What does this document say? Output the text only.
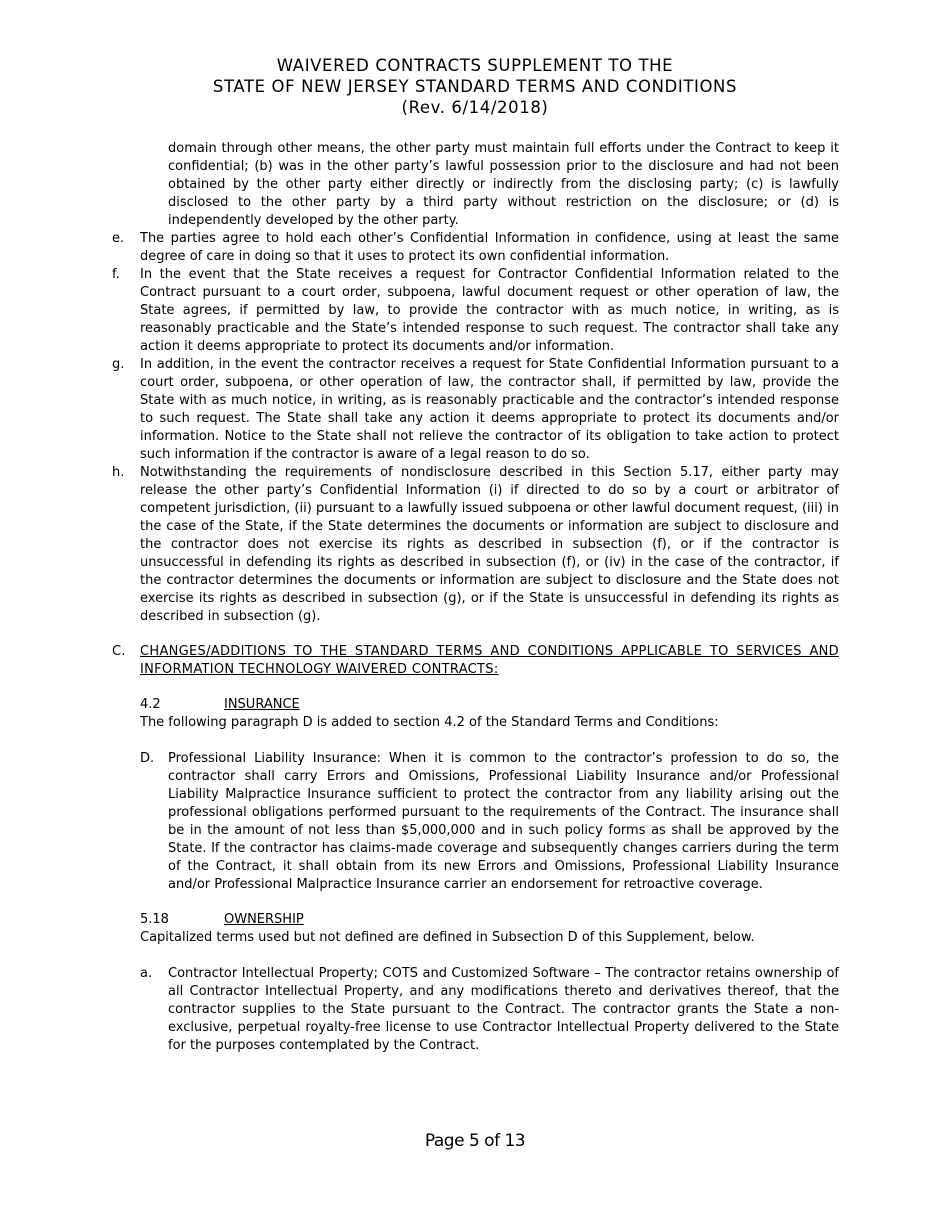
WAIVERED CONTRACTS SUPPLEMENT TO THE
STATE OF NEW JERSEY STANDARD TERMS AND CONDITIONS
(Rev. 6/14/2018)
domain through other means, the other party must maintain full efforts under the Contract to keep it confidential; (b) was in the other party’s lawful possession prior to the disclosure and had not been obtained by the other party either directly or indirectly from the disclosing party; (c) is lawfully disclosed to the other party by a third party without restriction on the disclosure; or (d) is independently developed by the other party.
e.	The parties agree to hold each other’s Confidential Information in confidence, using at least the same degree of care in doing so that it uses to protect its own confidential information.
f.	In the event that the State receives a request for Contractor Confidential Information related to the Contract pursuant to a court order, subpoena, lawful document request or other operation of law, the State agrees, if permitted by law, to provide the contractor with as much notice, in writing, as is reasonably practicable and the State’s intended response to such request. The contractor shall take any action it deems appropriate to protect its documents and/or information.
g.	In addition, in the event the contractor receives a request for State Confidential Information pursuant to a court order, subpoena, or other operation of law, the contractor shall, if permitted by law, provide the State with as much notice, in writing, as is reasonably practicable and the contractor’s intended response to such request. The State shall take any action it deems appropriate to protect its documents and/or information. Notice to the State shall not relieve the contractor of its obligation to take action to protect such information if the contractor is aware of a legal reason to do so.
h.	Notwithstanding the requirements of nondisclosure described in this Section 5.17, either party may release the other party’s Confidential Information (i) if directed to do so by a court or arbitrator of competent jurisdiction, (ii) pursuant to a lawfully issued subpoena or other lawful document request, (iii) in the case of the State, if the State determines the documents or information are subject to disclosure and the contractor does not exercise its rights as described in subsection (f), or if the contractor is unsuccessful in defending its rights as described in subsection (f), or (iv) in the case of the contractor, if the contractor determines the documents or information are subject to disclosure and the State does not exercise its rights as described in subsection (g), or if the State is unsuccessful in defending its rights as described in subsection (g).
C.	CHANGES/ADDITIONS TO THE STANDARD TERMS AND CONDITIONS APPLICABLE TO SERVICES AND INFORMATION TECHNOLOGY WAIVERED CONTRACTS:
4.2	INSURANCE
The following paragraph D is added to section 4.2 of the Standard Terms and Conditions:
D.	Professional Liability Insurance: When it is common to the contractor’s profession to do so, the contractor shall carry Errors and Omissions, Professional Liability Insurance and/or Professional Liability Malpractice Insurance sufficient to protect the contractor from any liability arising out the professional obligations performed pursuant to the requirements of the Contract. The insurance shall be in the amount of not less than $5,000,000 and in such policy forms as shall be approved by the State. If the contractor has claims-made coverage and subsequently changes carriers during the term of the Contract, it shall obtain from its new Errors and Omissions, Professional Liability Insurance and/or Professional Malpractice Insurance carrier an endorsement for retroactive coverage.
5.18	OWNERSHIP
Capitalized terms used but not defined are defined in Subsection D of this Supplement, below.
a.	Contractor Intellectual Property; COTS and Customized Software – The contractor retains ownership of all Contractor Intellectual Property, and any modifications thereto and derivatives thereof, that the contractor supplies to the State pursuant to the Contract. The contractor grants the State a non-exclusive, perpetual royalty-free license to use Contractor Intellectual Property delivered to the State for the purposes contemplated by the Contract.
Page 5 of 13
